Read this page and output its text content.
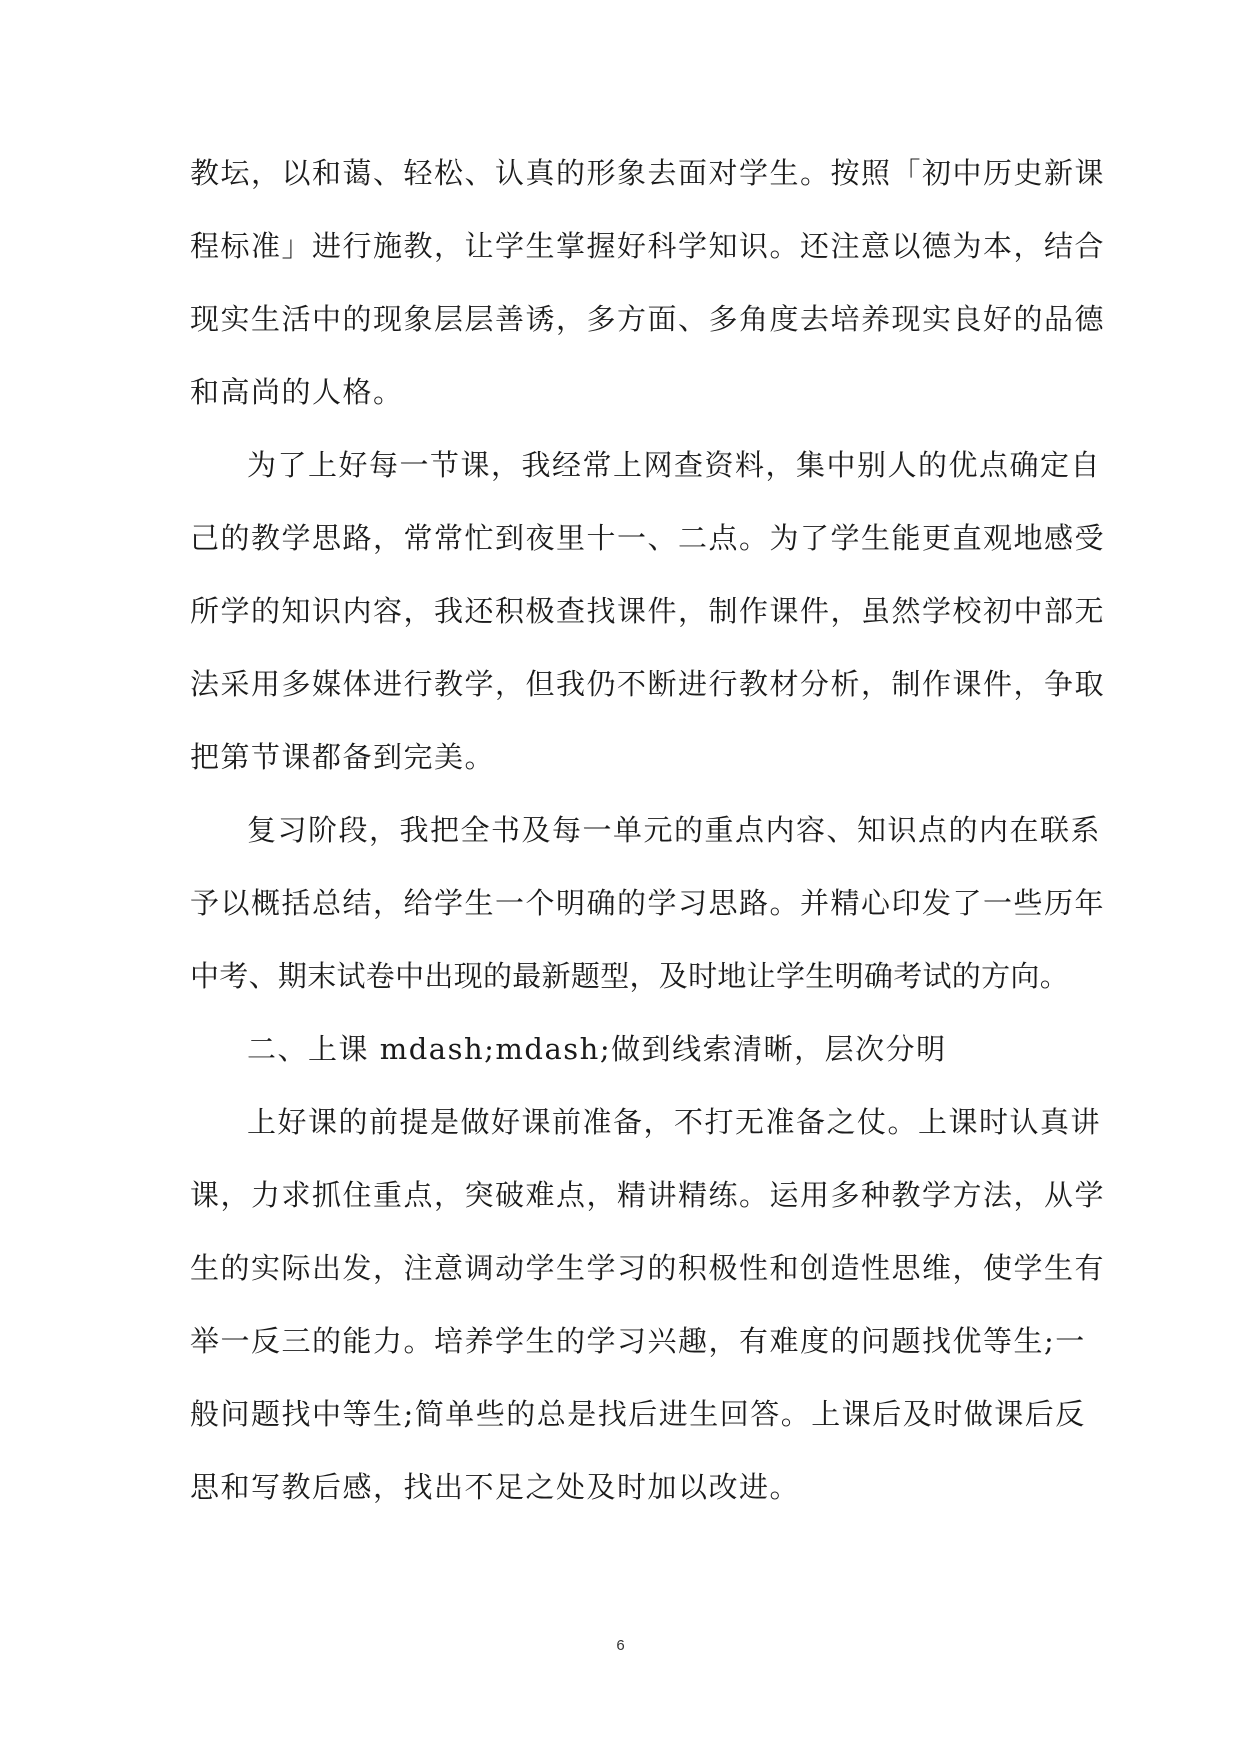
教坛，以和蔼、轻松、认真的形象去面对学生。按照「初中历史新课
程标准」进行施教，让学生掌握好科学知识。还注意以德为本，结合
现实生活中的现象层层善诱，多方面、多角度去培养现实良好的品德
和高尚的人格。
为了上好每一节课，我经常上网查资料，集中别人的优点确定自
己的教学思路，常常忙到夜里十一、二点。为了学生能更直观地感受
所学的知识内容，我还积极查找课件，制作课件，虽然学校初中部无
法采用多媒体进行教学，但我仍不断进行教材分析，制作课件，争取
把第节课都备到完美。
复习阶段，我把全书及每一单元的重点内容、知识点的内在联系
予以概括总结，给学生一个明确的学习思路。并精心印发了一些历年
中考、期末试卷中出现的最新题型，及时地让学生明确考试的方向。
二、上课 mdash;mdash;做到线索清晰，层次分明
上好课的前提是做好课前准备，不打无准备之仗。上课时认真讲
课，力求抓住重点，突破难点，精讲精练。运用多种教学方法，从学
生的实际出发，注意调动学生学习的积极性和创造性思维，使学生有
举一反三的能力。培养学生的学习兴趣，有难度的问题找优等生;一
般问题找中等生;简单些的总是找后进生回答。上课后及时做课后反
思和写教后感，找出不足之处及时加以改进。
6
